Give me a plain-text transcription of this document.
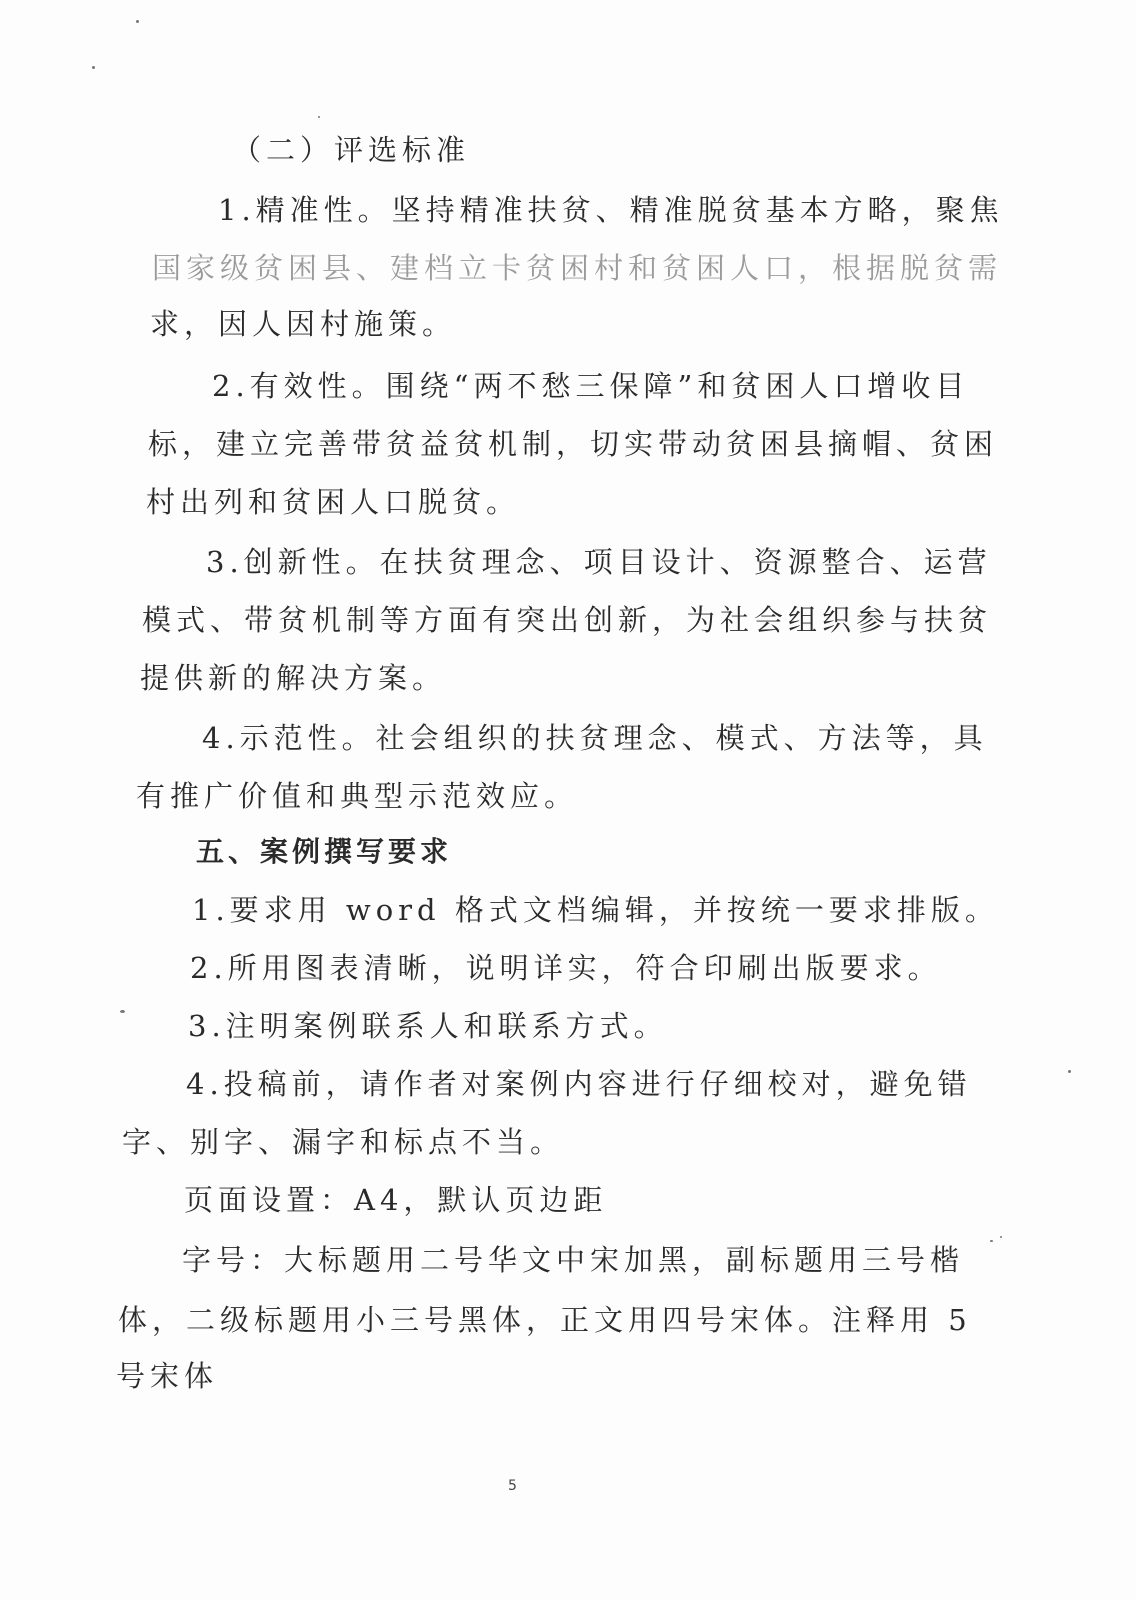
（二）评选标准
1.精准性。坚持精准扶贫、精准脱贫基本方略，聚焦
国家级贫困县、建档立卡贫困村和贫困人口，根据脱贫需
求，因人因村施策。
2.有效性。围绕“两不愁三保障”和贫困人口增收目
标，建立完善带贫益贫机制，切实带动贫困县摘帽、贫困
村出列和贫困人口脱贫。
3.创新性。在扶贫理念、项目设计、资源整合、运营
模式、带贫机制等方面有突出创新，为社会组织参与扶贫
提供新的解决方案。
4.示范性。社会组织的扶贫理念、模式、方法等，具
有推广价值和典型示范效应。
五、案例撰写要求
1.要求用 word 格式文档编辑，并按统一要求排版。
2.所用图表清晰，说明详实，符合印刷出版要求。
3.注明案例联系人和联系方式。
4.投稿前，请作者对案例内容进行仔细校对，避免错
字、别字、漏字和标点不当。
页面设置：A4，默认页边距
字号：大标题用二号华文中宋加黑，副标题用三号楷
体，二级标题用小三号黑体，正文用四号宋体。注释用 5
号宋体
5
